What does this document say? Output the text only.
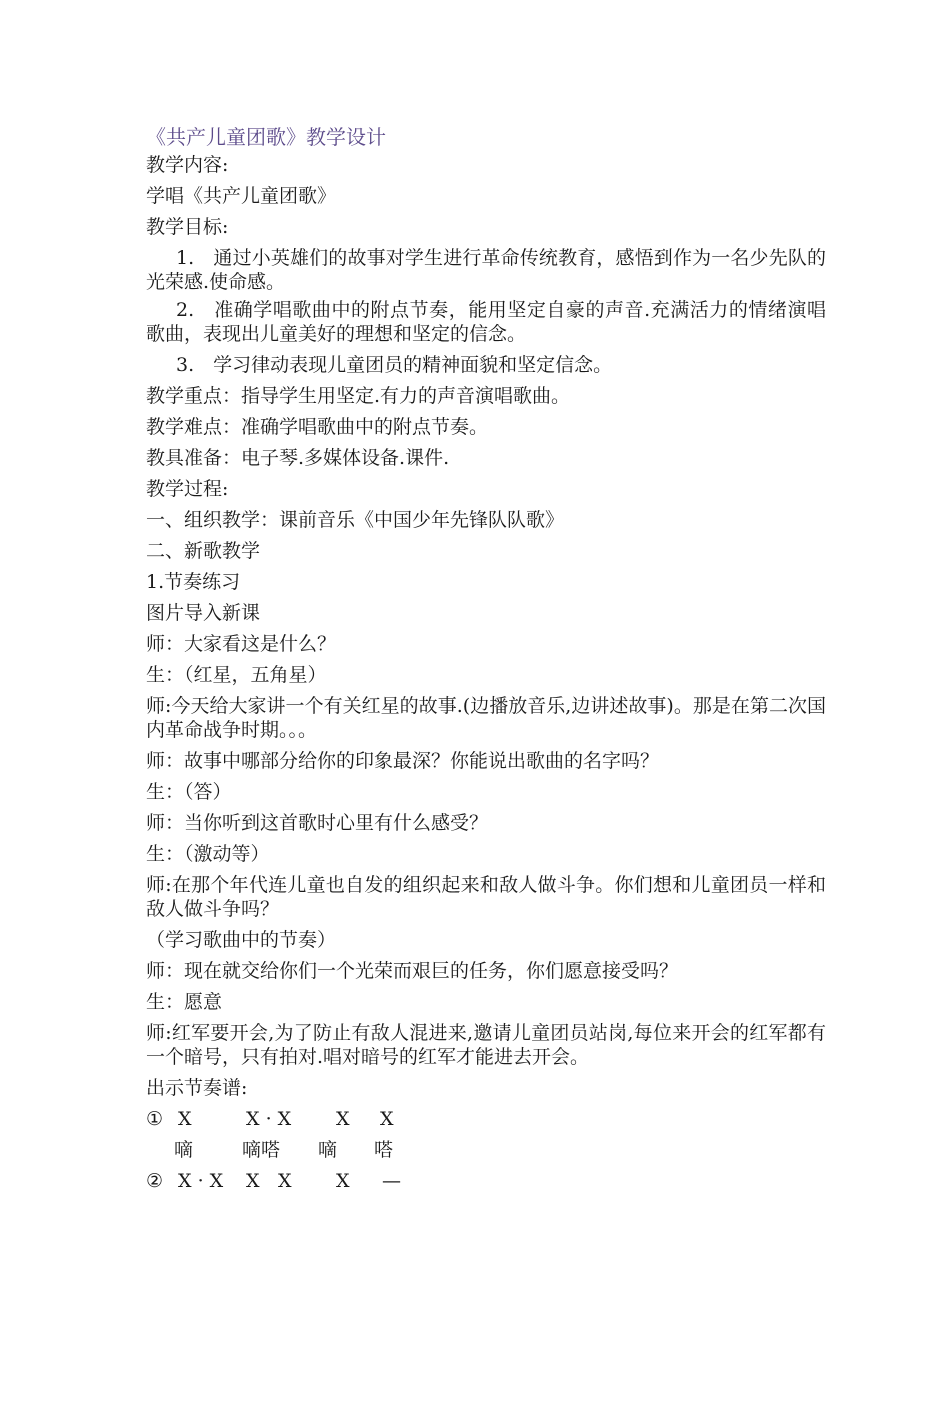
《共产儿童团歌》教学设计
教学内容:
学唱《共产儿童团歌》
教学目标:
1.　通过小英雄们的故事对学生进行革命传统教育，感悟到作为一名少先队的光荣感.使命感。
2.　准确学唱歌曲中的附点节奏，能用坚定自豪的声音.充满活力的情绪演唱歌曲，表现出儿童美好的理想和坚定的信念。
3.　学习律动表现儿童团员的精神面貌和坚定信念。
教学重点：指导学生用坚定.有力的声音演唱歌曲。
教学难点：准确学唱歌曲中的附点节奏。
教具准备：电子琴.多媒体设备.课件.
教学过程:
一、组织教学：课前音乐《中国少年先锋队队歌》
二、新歌教学
1.节奏练习
图片导入新课
师：大家看这是什么？
生：（红星，五角星）
师:今天给大家讲一个有关红星的故事.(边播放音乐,边讲述故事)。那是在第二次国内革命战争时期。。。
师：故事中哪部分给你的印象最深？你能说出歌曲的名字吗？
生：（答）
师：当你听到这首歌时心里有什么感受？
生：（激动等）
师:在那个年代连儿童也自发的组织起来和敌人做斗争。你们想和儿童团员一样和敌人做斗争吗？
（学习歌曲中的节奏）
师：现在就交给你们一个光荣而艰巨的任务，你们愿意接受吗？
生：愿意
师:红军要开会,为了防止有敌人混进来,邀请儿童团员站岗,每位来开会的红军都有一个暗号，只有拍对.唱对暗号的红军才能进去开会。
出示节奏谱:

①

X

	X · X

X

X

嘀

	嘀嗒

嘀

嗒

②

X · X

X

X

X

—
